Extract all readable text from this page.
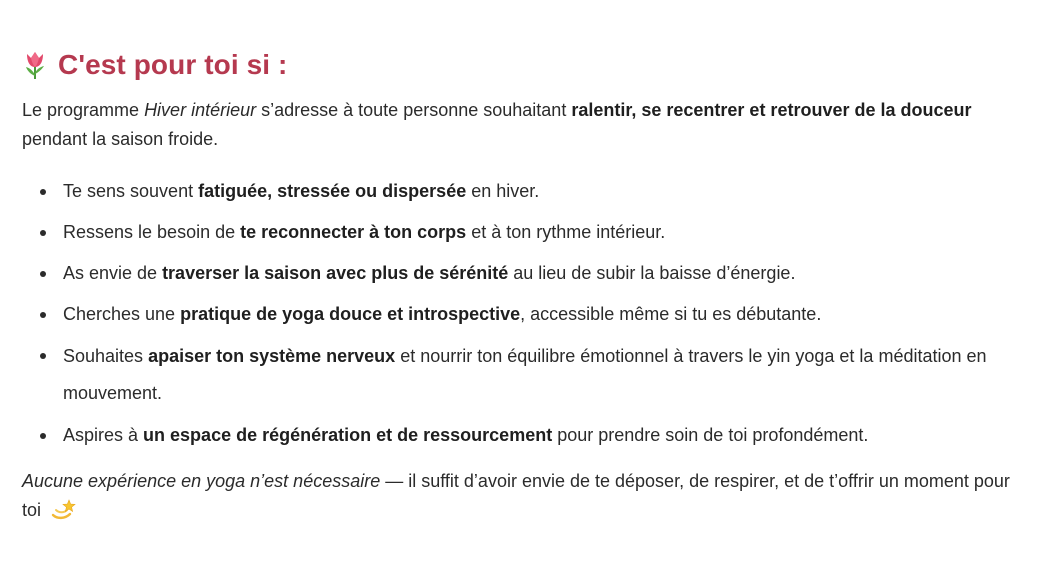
C'est pour toi si :

Le programme Hiver intérieur s’adresse à toute personne souhaitant ralentir, se recentrer et retrouver de la douceur pendant la saison froide.

Te sens souvent fatiguée, stressée ou dispersée en hiver.
Ressens le besoin de te reconnecter à ton corps et à ton rythme intérieur.
As envie de traverser la saison avec plus de sérénité au lieu de subir la baisse d’énergie.
Cherches une pratique de yoga douce et introspective, accessible même si tu es débutante.
Souhaites apaiser ton système nerveux et nourrir ton équilibre émotionnel à travers le yin yoga et la méditation en mouvement.
Aspires à un espace de régénération et de ressourcement pour prendre soin de toi profondément.

Aucune expérience en yoga n’est nécessaire — il suffit d’avoir envie de te déposer, de respirer, et de t’offrir un moment pour toi
